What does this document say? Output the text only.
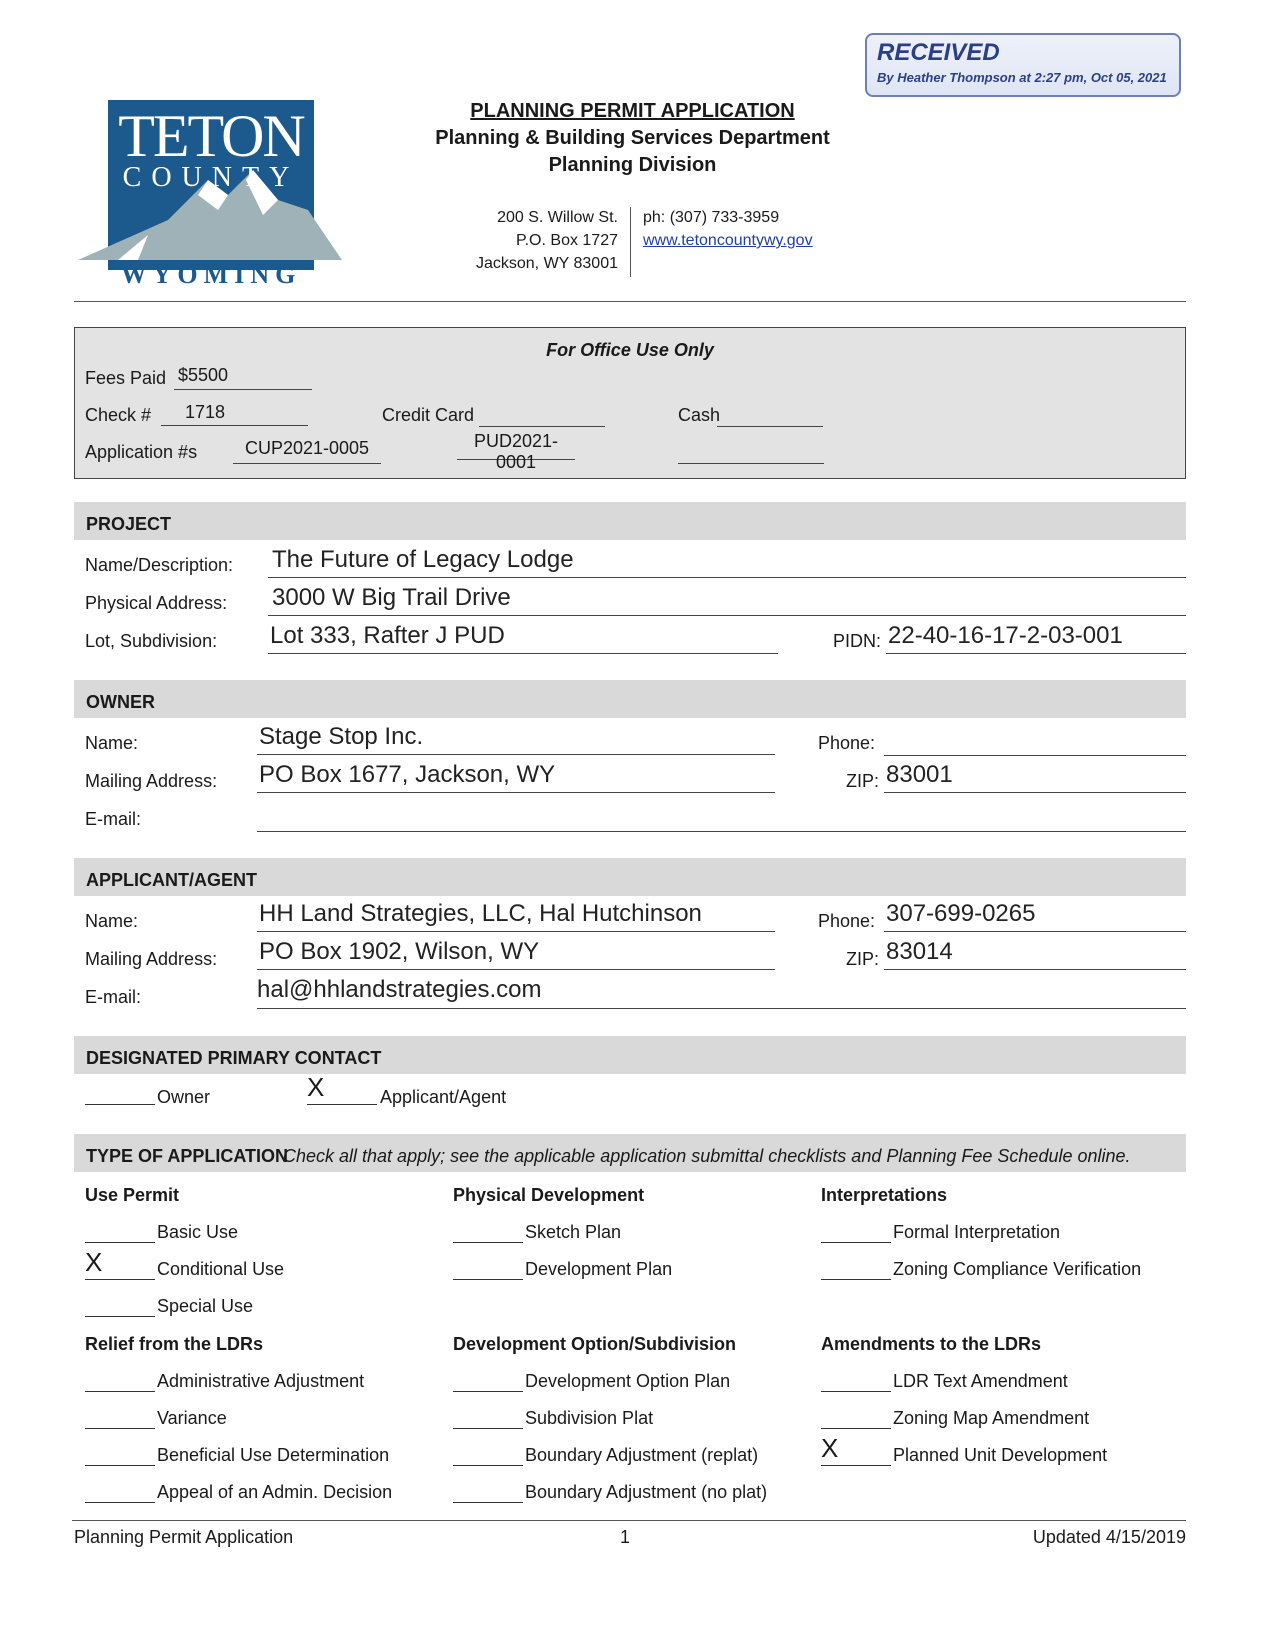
RECEIVED
By Heather Thompson at 2:27 pm, Oct 05, 2021
TETON
COUNTY
WYOMING
PLANNING PERMIT APPLICATION
Planning & Building Services Department
Planning Division
200 S. Willow St.
P.O. Box 1727
Jackson, WY 83001
ph: (307) 733-3959
www.tetoncountywy.gov
For Office Use Only
Fees Paid $5500
Check #	1718	Credit Card	Cash
Application #s	CUP2021-0005	PUD2021-0001
PROJECT
Name/Description: The Future of Legacy Lodge
Physical Address: 3000 W Big Trail Drive
Lot, Subdivision: Lot 333, Rafter J PUD	PIDN: 22-40-16-17-2-03-001
OWNER
Name:	Stage Stop Inc.	Phone:
Mailing Address: PO Box 1677, Jackson, WY	ZIP: 83001
E-mail:
APPLICANT/AGENT
Name:	HH Land Strategies, LLC, Hal Hutchinson	Phone: 307-699-0265
Mailing Address: PO Box 1902, Wilson, WY	ZIP: 83014
E-mail:	hal@hhlandstrategies.com
DESIGNATED PRIMARY CONTACT
Owner	X	Applicant/Agent
TYPE OF APPLICATION
Check all that apply; see the applicable application submittal checklists and Planning Fee Schedule online.
Use Permit
Basic Use
X	Conditional Use
Special Use
Physical Development
Sketch Plan
Development Plan
Interpretations
Formal Interpretation
Zoning Compliance Verification
Relief from the LDRs
Administrative Adjustment
Variance
Beneficial Use Determination
Appeal of an Admin. Decision
Development Option/Subdivision
Development Option Plan
Subdivision Plat
Boundary Adjustment (replat)
Boundary Adjustment (no plat)
Amendments to the LDRs
LDR Text Amendment
Zoning Map Amendment
X	Planned Unit Development
Planning Permit Application	1	Updated 4/15/2019
